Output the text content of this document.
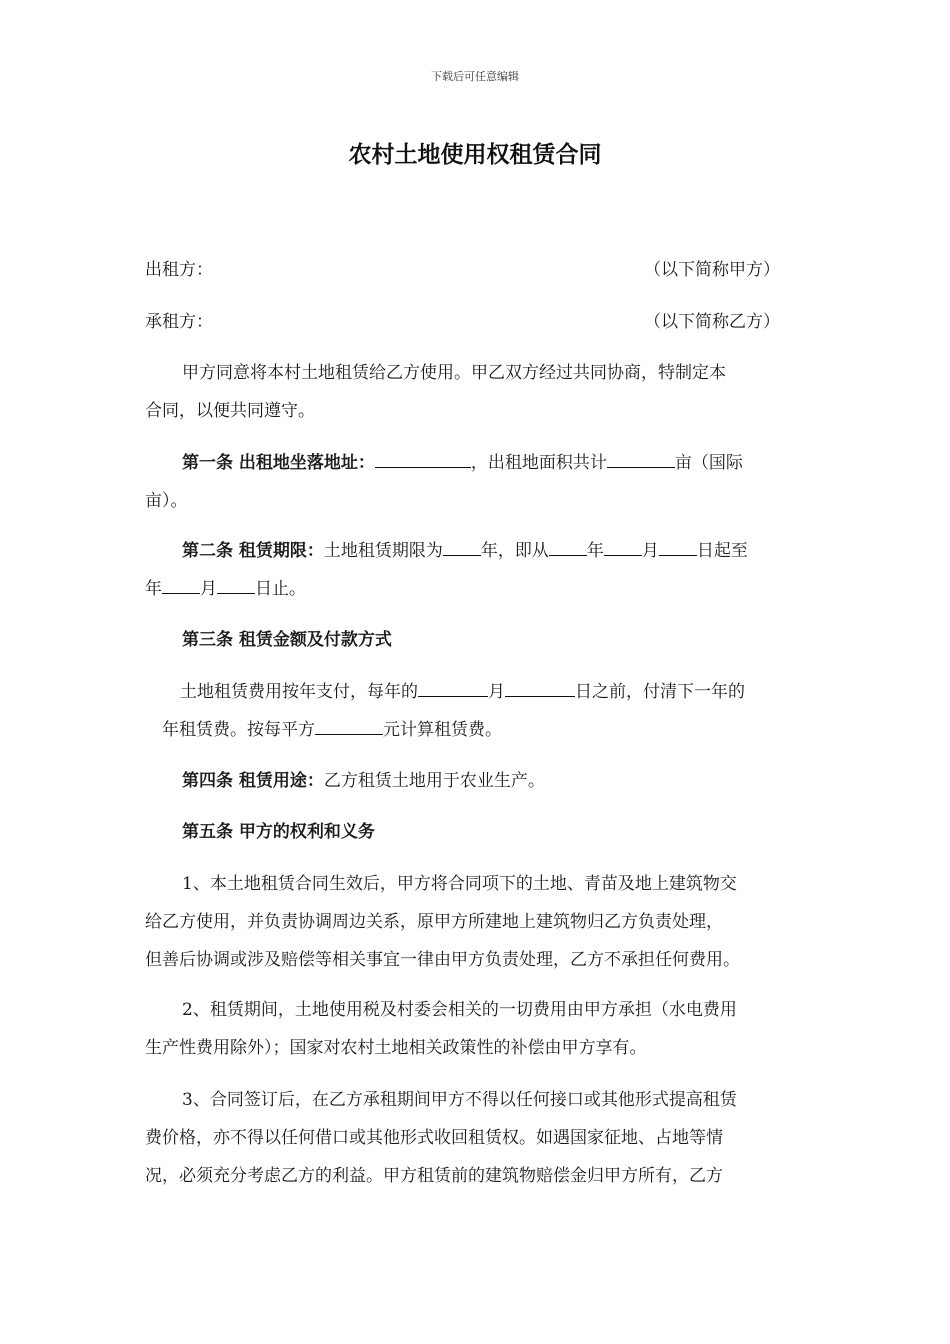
下载后可任意编辑
农村土地使用权租赁合同
出租方：	（以下简称甲方）
承租方：	（以下简称乙方）

甲方同意将本村土地租赁给乙方使用。甲乙双方经过共同协商，特制定本

合同，以便共同遵守。

第一条 出租地坐落地址：	，出租地面积共计	亩（国际

亩）。

第二条 租赁期限：土地租赁期限为 年，即从 年 月 日起至

年 月 日止。

第三条 租赁金额及付款方式

土地租赁费用按年支付，每年的	月	日之前，付清下一年的

年租赁费。按每平方	元计算租赁费。

第四条 租赁用途：乙方租赁土地用于农业生产。

第五条 甲方的权利和义务

1、本土地租赁合同生效后，甲方将合同项下的土地、青苗及地上建筑物交

给乙方使用，并负责协调周边关系，原甲方所建地上建筑物归乙方负责处理，

但善后协调或涉及赔偿等相关事宜一律由甲方负责处理，乙方不承担任何费用。

2、租赁期间，土地使用税及村委会相关的一切费用由甲方承担（水电费用

生产性费用除外）；国家对农村土地相关政策性的补偿由甲方享有。

3、合同签订后，在乙方承租期间甲方不得以任何接口或其他形式提高租赁

费价格，亦不得以任何借口或其他形式收回租赁权。如遇国家征地、占地等情

况，必须充分考虑乙方的利益。甲方租赁前的建筑物赔偿金归甲方所有，乙方
